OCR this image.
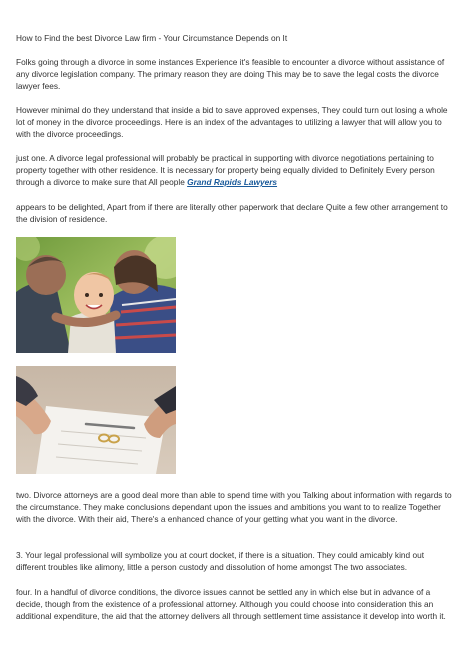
How to Find the best Divorce Law firm - Your Circumstance Depends on It

Folks going through a divorce in some instances Experience it's feasible to encounter a divorce without assistance of any divorce legislation company. The primary reason they are doing This may be to save the legal costs the divorce lawyer fees.

However minimal do they understand that inside a bid to save approved expenses, They could turn out losing a whole lot of money in the divorce proceedings. Here is an index of the advantages to utilizing a lawyer that will allow you to with the divorce proceedings.

just one. A divorce legal professional will probably be practical in supporting with divorce negotiations pertaining to property together with other residence. It is necessary for property being equally divided to Definitely Every person through a divorce to make sure that All people Grand Rapids Lawyers

appears to be delighted, Apart from if there are literally other paperwork that declare Quite a few other arrangement to the division of residence.

two. Divorce attorneys are a good deal more than able to spend time with you Talking about information with regards to the circumstance. They make conclusions dependant upon the issues and ambitions you want to to realize Together with the divorce. With their aid, There's a enhanced chance of your getting what you want in the divorce.

3. Your legal professional will symbolize you at court docket, if there is a situation. They could amicably kind out different troubles like alimony, little a person custody and dissolution of home amongst The two associates.

four. In a handful of divorce conditions, the divorce issues cannot be settled any in which else but in advance of a decide, though from the existence of a professional attorney. Although you could choose into consideration this an additional expenditure, the aid that the attorney delivers all through settlement time assistance it develop into worth it.
